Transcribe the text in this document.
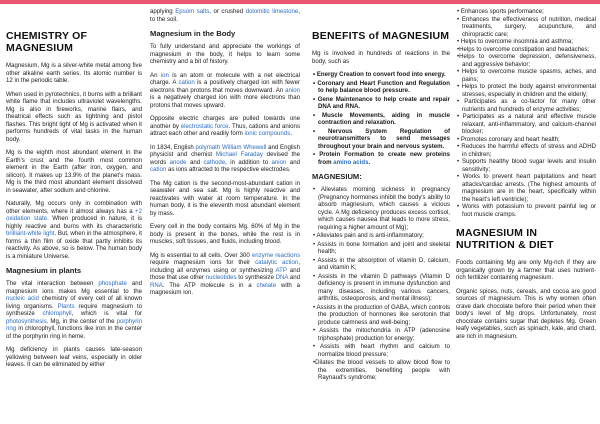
CHEMISTRY OF MAGNESIUM

Magnesium, Mg is a silver-white metal among five other alkaline earth series. Its atomic number is 12 in the periodic table.

When used in pyrotechnics, it burns with a brilliant white flame that includes ultraviolet wavelengths. Mg is also in fireworks, marine flairs, and theatrical effects such as lightning and pistol flashes. This bright light of Mg is activated when it performs hundreds of vital tasks in the human body.

Mg is the eighth most abundant element in the Earth's crust and the fourth most common element in the Earth (after iron, oxygen, and silicon). It makes up 13.9% of the planet's mass. Mg is the third most abundant element dissolved in seawater, after sodium and chlorine.

Naturally, Mg occurs only in combination with other elements, where it almost always has a +2 oxidation state. When produced in nature, it is highly reactive and burns with its characteristic brilliant-white light. But, when in the atmosphere, it forms a thin film of oxide that partly inhibits its reactivity. As above, so is below. The human body is a miniature Universe.

Magnesium in plants

The vital interaction between phosphate and magnesium ions makes Mg essential to the nucleic acid chemistry of every cell of all known living organisms. Plants require magnesium to synthesize chlorophyll, which is vital for photosynthesis. Mg, in the center of the porphyrin ring in chlorophyll, functions like iron in the center of the porphyrin ring in heme.

Mg deficiency in plants causes late-season yellowing between leaf veins, especially in older leaves. It can be eliminated by either

applying Epsom salts, or crushed dolomitic limestone, to the soil.

Magnesium in the Body

To fully understand and appreciate the workings of magnesium in the body, it helps to learn some chemistry and a bit of history.

An ion is an atom or molecule with a net electrical charge. A cation is a positively charged ion with fewer electrons than protons that moves downward. An anion is a negatively charged ion with more electrons than protons that moves upward.

Opposite electric charges are pulled towards one another by electrostatic force. Thus, cations and anions attract each other and readily form ionic compounds.

In 1834, English polymath William Whewell and English physicist and chemist Michael Faraday devised the words anode and cathode, in addition to anion and cation as ions attracted to the respective electrodes.

The Mg cation is the second-most-abundant cation in seawater and sea salt. Mg is highly reactive and reactivates with water at room temperature. In the human body, it is the eleventh most abundant element by mass.

Every cell in the body contains Mg. 60% of Mg in the body is present in the bones, while the rest is in muscles, soft tissues, and fluids, including blood.

Mg is essential to all cells. Over 300 enzyme reactions require magnesium ions for their catalytic action, including all enzymes using or synthesizing ATP and those that use other nucleotides to synthesize DNA and RNA. The ATP molecule is in a chelate with a magnesium ion.

BENEFITS of MAGNESIUM

Mg is involved in hundreds of reactions in the body, such as

• Energy Creation to convert food into energy.
• Coronary and Heart Function and Regulation to help balance blood pressure.
• Gene Maintenance to help create and repair DNA and RNA.
• Muscle Movements, aiding in muscle contraction and relaxation.
• Nervous System Regulation of neurotransmitters to send messages throughout your brain and nervous system.
• Protein Formation to create new proteins from amino acids.
MAGNESIUM:
• Alleviates morning sickness in pregnancy (Pregnancy hormones inhibit the body's ability to absorb magnesium, which causes a vicious cycle. A Mg deficiency produces excess cortisol, which causes nausea that leads to more stress, requiring a higher amount of Mg);
• Alleviates pain and is anti-inflammatory;
• Assists in bone formation and joint and skeletal health;
• Assists in the absorption of vitamin D, calcium, and vitamin K;
• Assists in the vitamin D pathways (Vitamin D deficiency is present in immune dysfunction and many diseases, including various cancers, arthritis, osteoporosis, and mental illness);
• Assists in the production of GABA, which controls the production of hormones like serotonin that produce calmness and well-being;
• Assists the mitochondria in ATP (adenosine triphosphate) production for energy;
• Assists with heart rhythm and calcium to normalize blood pressure;
•Dilates the blood vessels to allow blood flow to the extremities, benefiting people with Raynaud's syndrome;
• Enhances sports performance;
• Enhances the effectiveness of nutrition, medical treatments, surgery, acupuncture, and chiropractic care;
• Helps to overcome insomnia and asthma;
•Helps to overcome constipation and headaches;
•Helps to overcome depression, defensiveness, and aggressive behavior;
• Helps to overcome muscle spasms, aches, and pains;
• Helps to protect the body against environmental stresses, especially in children and the elderly;
• Participates as a co-factor for many other nutrients and hundreds of enzyme activities;
• Participates as a natural and effective muscle relaxant, anti-inflammatory, and calcium-channel blocker;
• Promotes coronary and heart health;
• Reduces the harmful effects of stress and ADHD in children;
• Supports healthy blood sugar levels and insulin sensitivity;
• Works to prevent heart palpitations and heart attacks/cardiac arrests. (The highest amounts of magnesium are in the heart, specifically within the heart's left ventricle);
• Works with potassium to prevent painful leg or foot muscle cramps.
MAGNESIUM IN NUTRITION & DIET

Foods containing Mg are only Mg-rich if they are organically grown by a farmer that uses nutrient-rich fertilizer containing magnesium.

Organic spices, nuts, cereals, and cocoa are good sources of magnesium. This is why women often crave dark chocolate before their period when their body's level of Mg drops. Unfortunately, most chocolate contains sugar that depletes Mg. Green leafy vegetables, such as spinach, kale, and chard, are rich in magnesium.
